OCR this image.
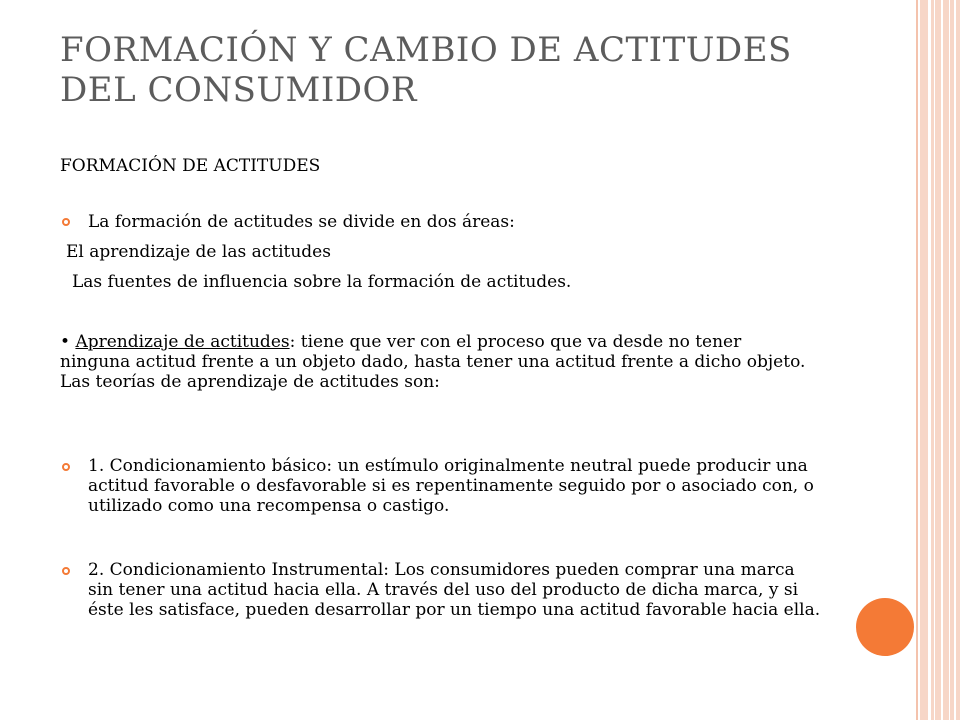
FORMACIÓN Y CAMBIO DE ACTITUDES DEL CONSUMIDOR
FORMACIÓN DE ACTITUDES
La formación de actitudes se divide en dos áreas:
El aprendizaje de las actitudes
Las fuentes de influencia sobre la formación de actitudes.
• Aprendizaje de actitudes: tiene que ver con el proceso que va desde no tener ninguna actitud frente a un objeto dado, hasta tener una actitud frente a dicho objeto. Las teorías de aprendizaje de actitudes son:
1. Condicionamiento básico: un estímulo originalmente neutral puede producir una actitud favorable o desfavorable si es repentinamente seguido por o asociado con, o utilizado como una recompensa o castigo.
2. Condicionamiento Instrumental: Los consumidores pueden comprar una marca sin tener una actitud hacia ella. A través del uso del producto de dicha marca, y si éste les satisface, pueden desarrollar por un tiempo una actitud favorable hacia ella.
